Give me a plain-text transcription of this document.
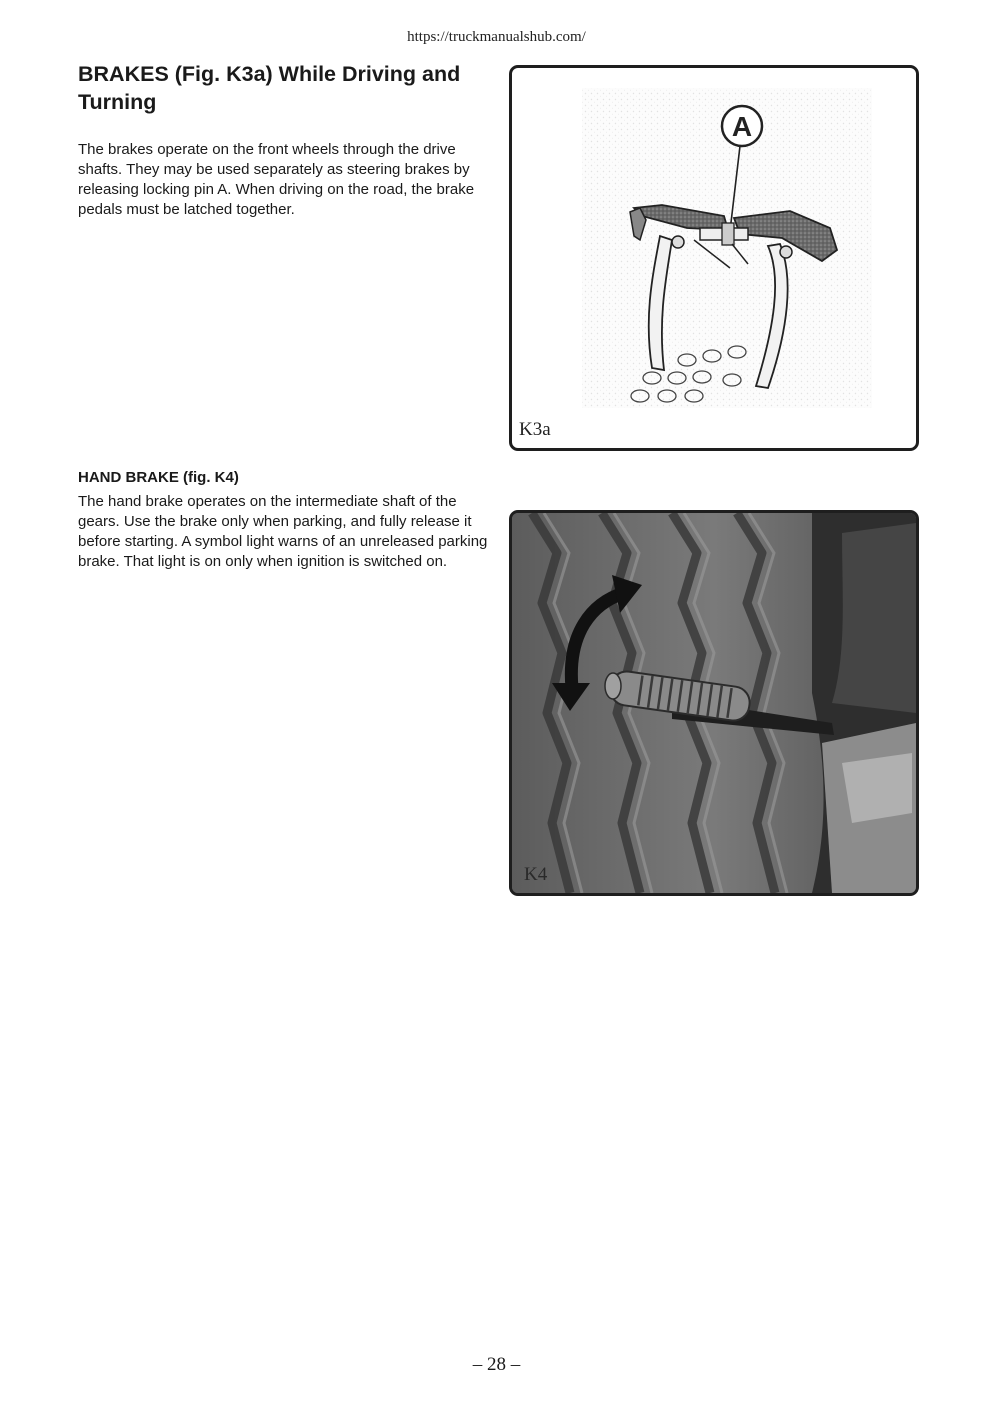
https://truckmanualshub.com/
BRAKES (Fig. K3a) While Driving and Turning

The brakes operate on the front wheels through the drive shafts. They may be used separately as steering brakes by releasing locking pin A. When driving on the road, the brake pedals must be latched together.

A
K3a
HAND BRAKE (fig. K4)

The hand brake operates on the intermediate shaft of the gears. Use the brake only when parking, and fully release it before starting. A symbol light warns of an unreleased parking brake. That light is on only when ignition is switched on.

K4
– 28 –
